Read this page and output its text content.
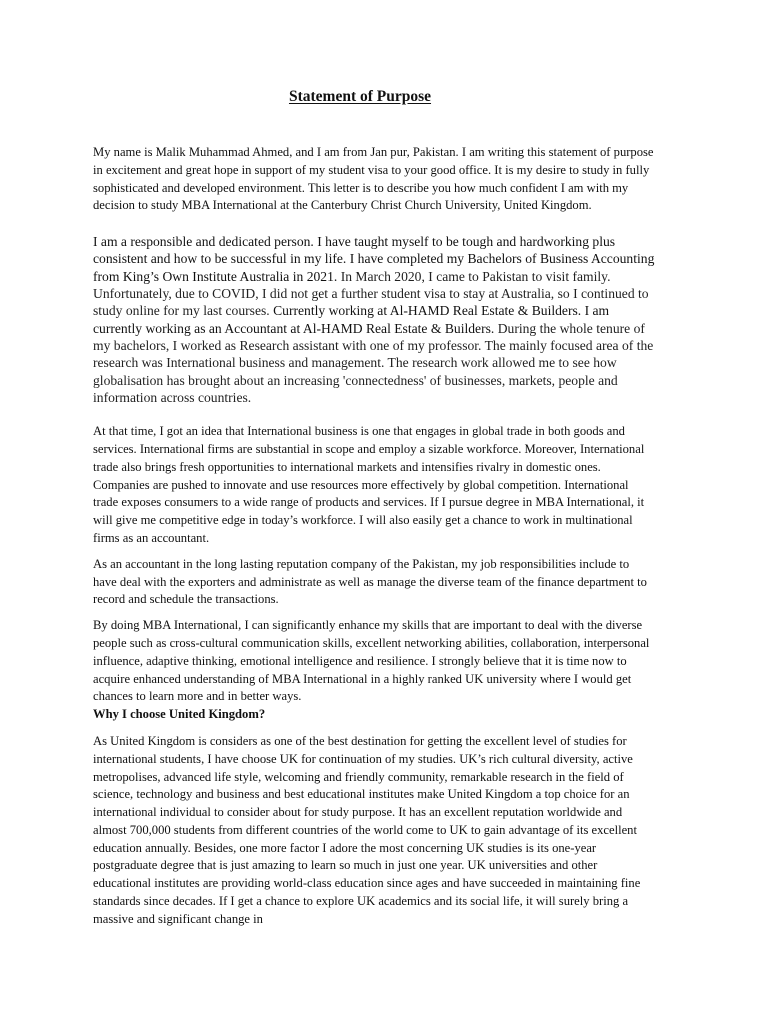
Statement of Purpose

My name is Malik Muhammad Ahmed, and I am from Jan pur, Pakistan. I am writing this statement of purpose in excitement and great hope in support of my student visa to your good office. It is my desire to study in fully sophisticated and developed environment. This letter is to describe you how much confident I am with my decision to study MBA International at the Canterbury Christ Church University, United Kingdom.

I am a responsible and dedicated person. I have taught myself to be tough and hardworking plus consistent and how to be successful in my life. I have completed my Bachelors of Business Accounting from King’s Own Institute Australia in 2021. In March 2020, I came to Pakistan to visit family. Unfortunately, due to COVID, I did not get a further student visa to stay at Australia, so I continued to study online for my last courses. Currently working at Al-HAMD Real Estate & Builders. I am currently working as an Accountant at Al-HAMD Real Estate & Builders. During the whole tenure of my bachelors, I worked as Research assistant with one of my professor. The mainly focused area of the research was International business and management. The research work allowed me to see how globalisation has brought about an increasing 'connectedness' of businesses, markets, people and information across countries.

At that time, I got an idea that International business is one that engages in global trade in both goods and services. International firms are substantial in scope and employ a sizable workforce. Moreover, International trade also brings fresh opportunities to international markets and intensifies rivalry in domestic ones. Companies are pushed to innovate and use resources more effectively by global competition. International trade exposes consumers to a wide range of products and services. If I pursue degree in MBA International, it will give me competitive edge in today’s workforce. I will also easily get a chance to work in multinational firms as an accountant.

As an accountant in the long lasting reputation company of the Pakistan, my job responsibilities include to have deal with the exporters and administrate as well as manage the diverse team of the finance department to record and schedule the transactions.

By doing MBA International, I can significantly enhance my skills that are important to deal with the diverse people such as cross-cultural communication skills, excellent networking abilities, collaboration, interpersonal influence, adaptive thinking, emotional intelligence and resilience. I strongly believe that it is time now to acquire enhanced understanding of MBA International in a highly ranked UK university where I would get chances to learn more and in better ways.

Why I choose United Kingdom?

As United Kingdom is considers as one of the best destination for getting the excellent level of studies for international students, I have choose UK for continuation of my studies. UK’s rich cultural diversity, active metropolises, advanced life style, welcoming and friendly community, remarkable research in the field of science, technology and business and best educational institutes make United Kingdom a top choice for an international individual to consider about for study purpose. It has an excellent reputation worldwide and almost 700,000 students from different countries of the world come to UK to gain advantage of its excellent education annually. Besides, one more factor I adore the most concerning UK studies is its one-year postgraduate degree that is just amazing to learn so much in just one year. UK universities and other educational institutes are providing world-class education since ages and have succeeded in maintaining fine standards since decades. If I get a chance to explore UK academics and its social life, it will surely bring a massive and significant change in
